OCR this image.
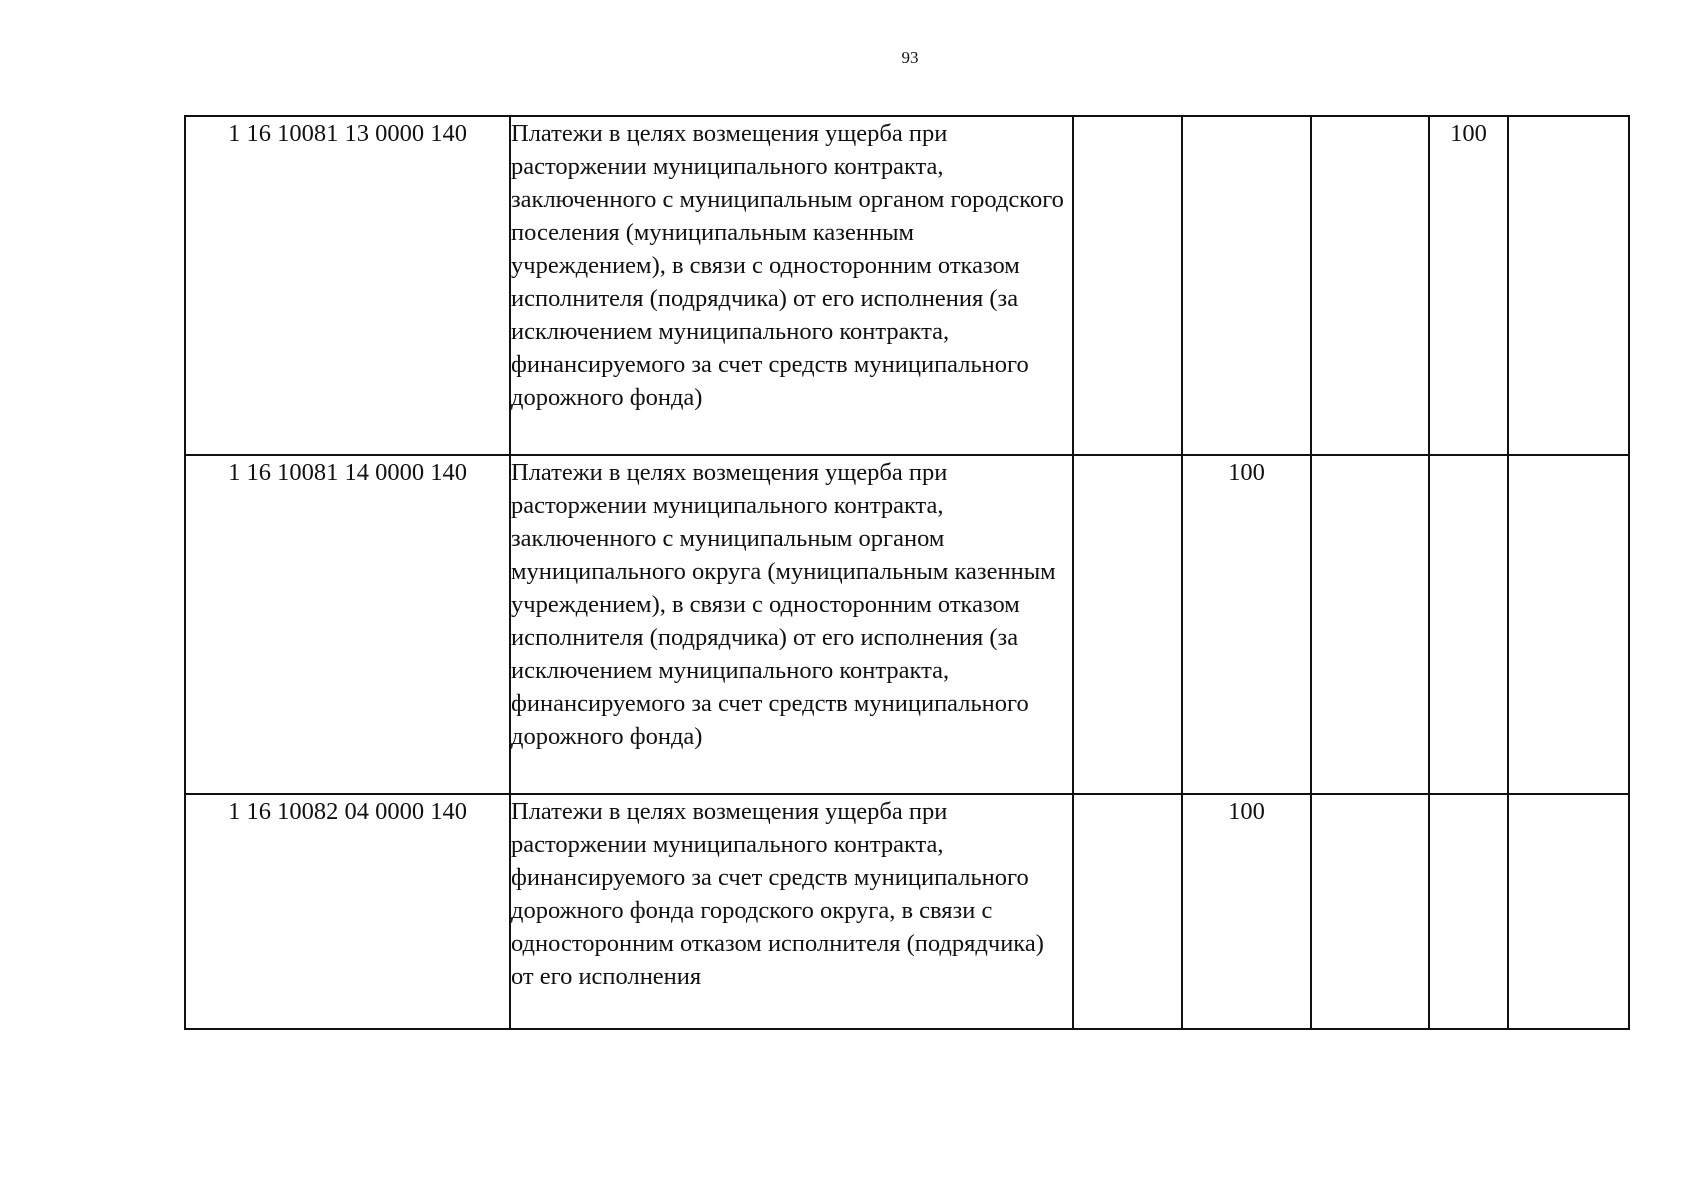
93
1 16 10081 13 0000 140	Платежи в целях возмещения ущерба при расторжении муниципального контракта, заключенного с муниципальным органом городского поселения (муниципальным казенным учреждением), в связи с односторонним отказом исполнителя (подрядчика) от его исполнения (за исключением муниципального контракта, финансируемого за счет средств муниципального дорожного фонда)				100	
1 16 10081 14 0000 140	Платежи в целях возмещения ущерба при расторжении муниципального контракта, заключенного с муниципальным органом муниципального округа (муниципальным казенным учреждением), в связи с односторонним отказом исполнителя (подрядчика) от его исполнения (за исключением муниципального контракта, финансируемого за счет средств муниципального дорожного фонда)		100			
1 16 10082 04 0000 140	Платежи в целях возмещения ущерба при расторжении муниципального контракта, финансируемого за счет средств муниципального дорожного фонда городского округа, в связи с односторонним отказом исполнителя (подрядчика) от его исполнения		100			
